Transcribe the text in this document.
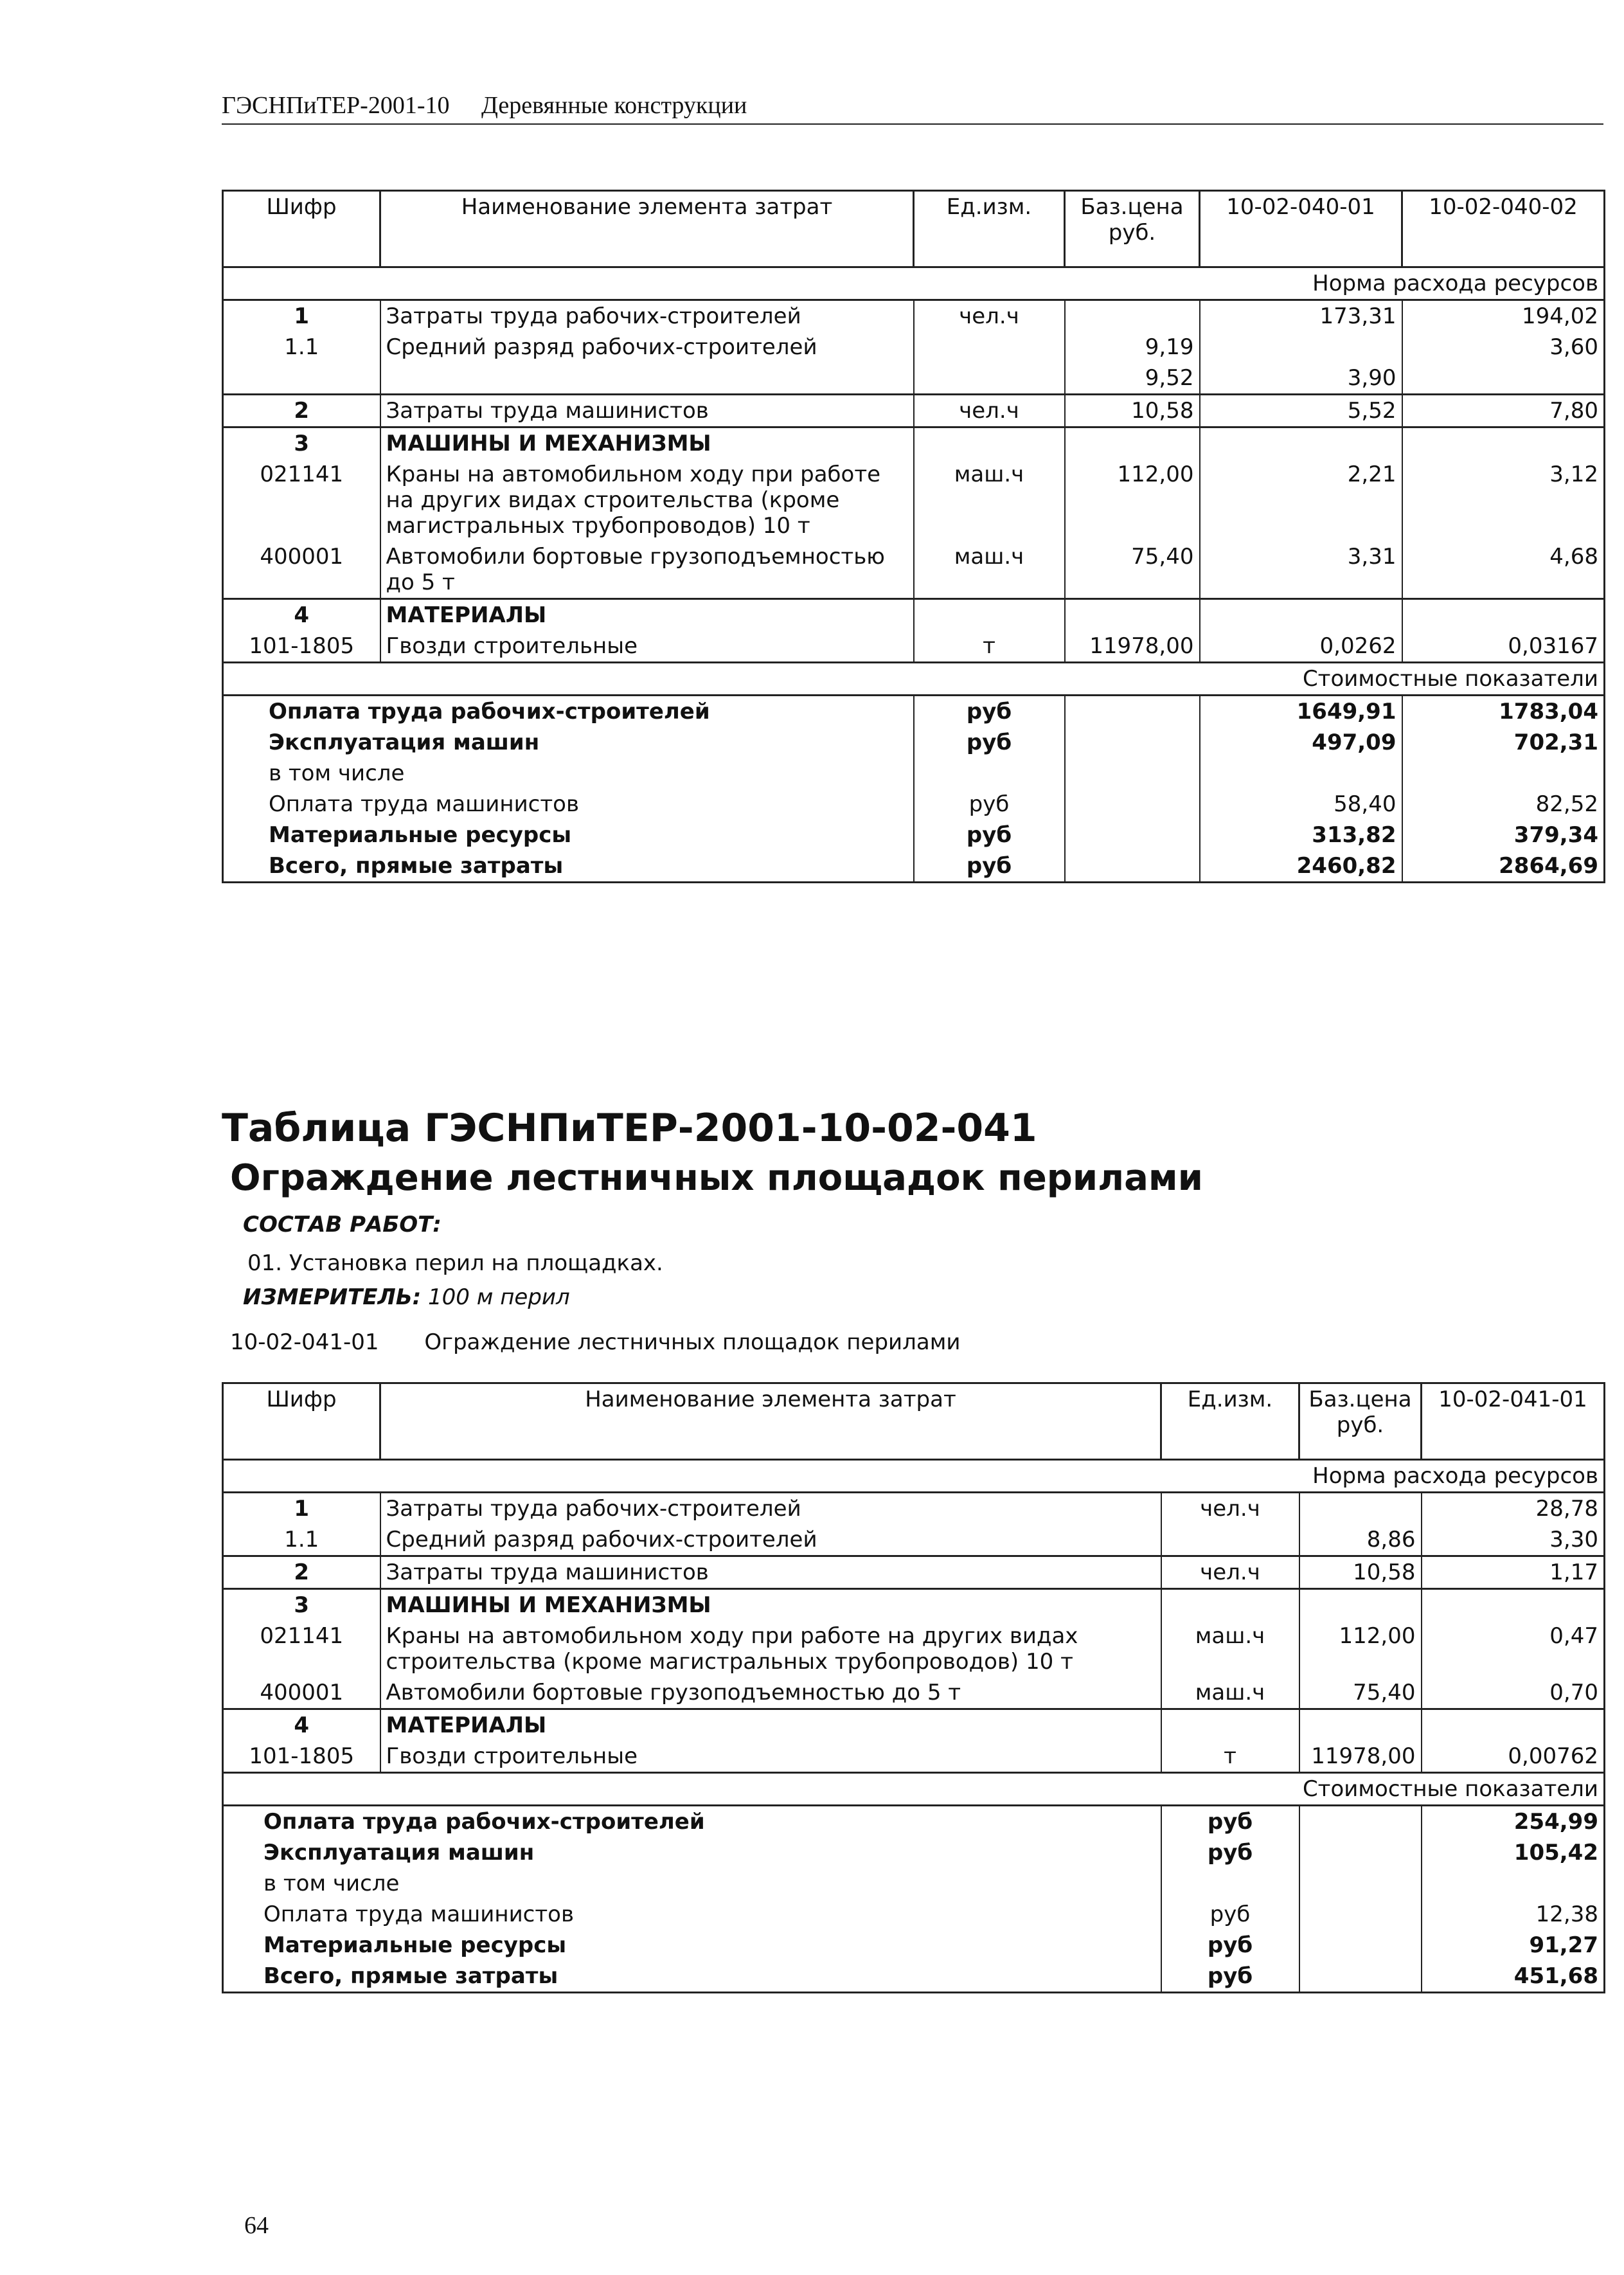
ГЭСНПиТЕР-2001-10 Деревянные конструкции
Шифр	Наименование элемента затрат	Ед.изм.	Баз.цена руб.	10-02-040-01	10-02-040-02
Норма расхода ресурсов					
1	Затраты труда рабочих-строителей	чел.ч		173,31	194,02
1.1	Средний разряд рабочих-строителей		9,19		3,60
			9,52	3,90	
2	Затраты труда машинистов	чел.ч	10,58	5,52	7,80
3	МАШИНЫ И МЕХАНИЗМЫ				
021141	Краны на автомобильном ходу при работе на других видах строительства (кроме магистральных трубопроводов) 10 т	маш.ч	112,00	2,21	3,12
400001	Автомобили бортовые грузоподъемностью до 5 т	маш.ч	75,40	3,31	4,68
4	МАТЕРИАЛЫ				
101-1805	Гвозди строительные	т	11978,00	0,0262	0,03167
Стоимостные показатели					
Оплата труда рабочих-строителей		руб		1649,91	1783,04
Эксплуатация машин		руб		497,09	702,31
в том числе					
Оплата труда машинистов		руб		58,40	82,52
Материальные ресурсы		руб		313,82	379,34
Всего, прямые затраты		руб		2460,82	2864,69
Таблица ГЭСНПиТЕР-2001-10-02-041
Ограждение лестничных площадок перилами
СОСТАВ РАБОТ:
01. Установка перил на площадках.
ИЗМЕРИТЕЛЬ: 100 м перил
10-02-041-01 Ограждение лестничных площадок перилами
Шифр	Наименование элемента затрат	Ед.изм.	Баз.цена руб.	10-02-041-01
Норма расхода ресурсов				
1	Затраты труда рабочих-строителей	чел.ч		28,78
1.1	Средний разряд рабочих-строителей		8,86	3,30
2	Затраты труда машинистов	чел.ч	10,58	1,17
3	МАШИНЫ И МЕХАНИЗМЫ			
021141	Краны на автомобильном ходу при работе на других видах строительства (кроме магистральных трубопроводов) 10 т	маш.ч	112,00	0,47
400001	Автомобили бортовые грузоподъемностью до 5 т	маш.ч	75,40	0,70
4	МАТЕРИАЛЫ			
101-1805	Гвозди строительные	т	11978,00	0,00762
Стоимостные показатели				
Оплата труда рабочих-строителей		руб		254,99
Эксплуатация машин		руб		105,42
в том числе				
Оплата труда машинистов		руб		12,38
Материальные ресурсы		руб		91,27
Всего, прямые затраты		руб		451,68
64
